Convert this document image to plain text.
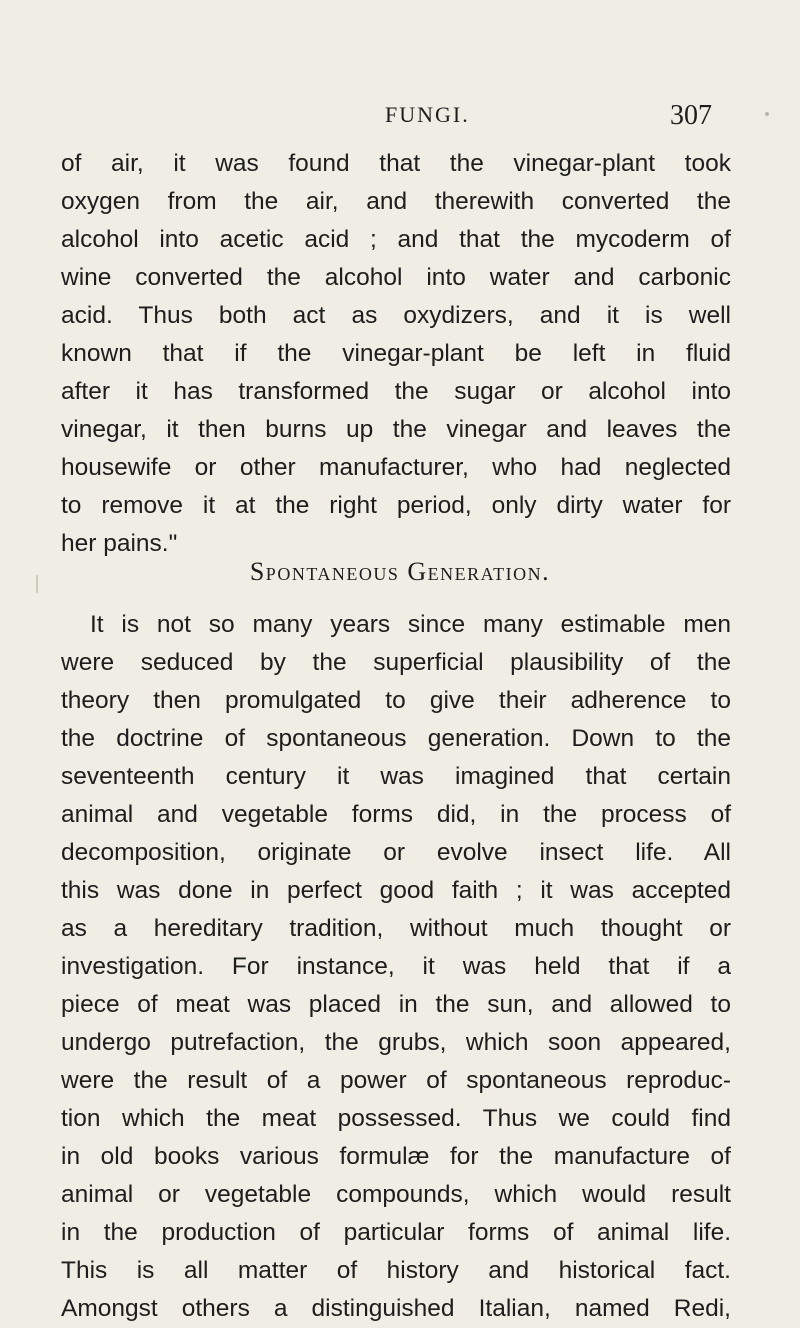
FUNGI.	307
of air, it was found that the vinegar-plant took
oxygen from the air, and therewith converted the
alcohol into acetic acid ; and that the mycoderm of
wine converted the alcohol into water and carbonic
acid. Thus both act as oxydizers, and it is well
known that if the vinegar-plant be left in fluid
after it has transformed the sugar or alcohol into
vinegar, it then burns up the vinegar and leaves the
housewife or other manufacturer, who had neglected
to remove it at the right period, only dirty water for
her pains."
Spontaneous Generation.
It is not so many years since many estimable men
were seduced by the superficial plausibility of the
theory then promulgated to give their adherence to
the doctrine of spontaneous generation. Down to the
seventeenth century it was imagined that certain
animal and vegetable forms did, in the process of
decomposition, originate or evolve insect life. All
this was done in perfect good faith ; it was accepted
as a hereditary tradition, without much thought or
investigation. For instance, it was held that if a
piece of meat was placed in the sun, and allowed to
undergo putrefaction, the grubs, which soon appeared,
were the result of a power of spontaneous reproduc-
tion which the meat possessed. Thus we could find
in old books various formulæ for the manufacture of
animal or vegetable compounds, which would result
in the production of particular forms of animal life.
This is all matter of history and historical fact.
Amongst others a distinguished Italian, named Redi,
